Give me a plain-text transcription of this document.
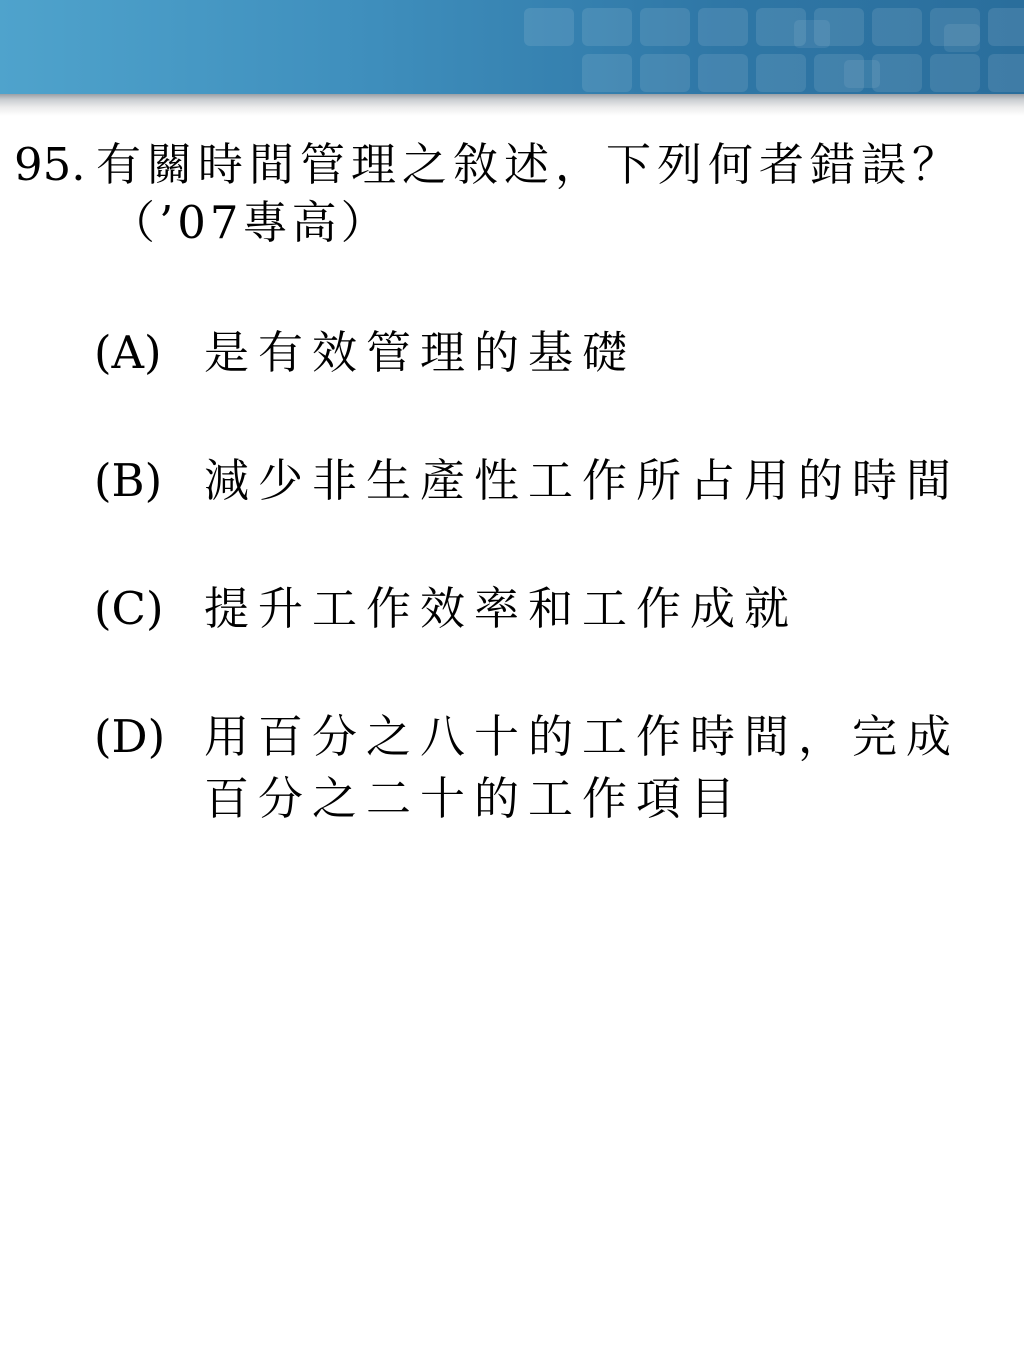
95. 有關時間管理之敘述，下列何者錯誤？
（’07專高）
(A) 是有效管理的基礎
(B) 減少非生產性工作所占用的時間
(C) 提升工作效率和工作成就
(D) 用百分之八十的工作時間，完成百分之二十的工作項目
